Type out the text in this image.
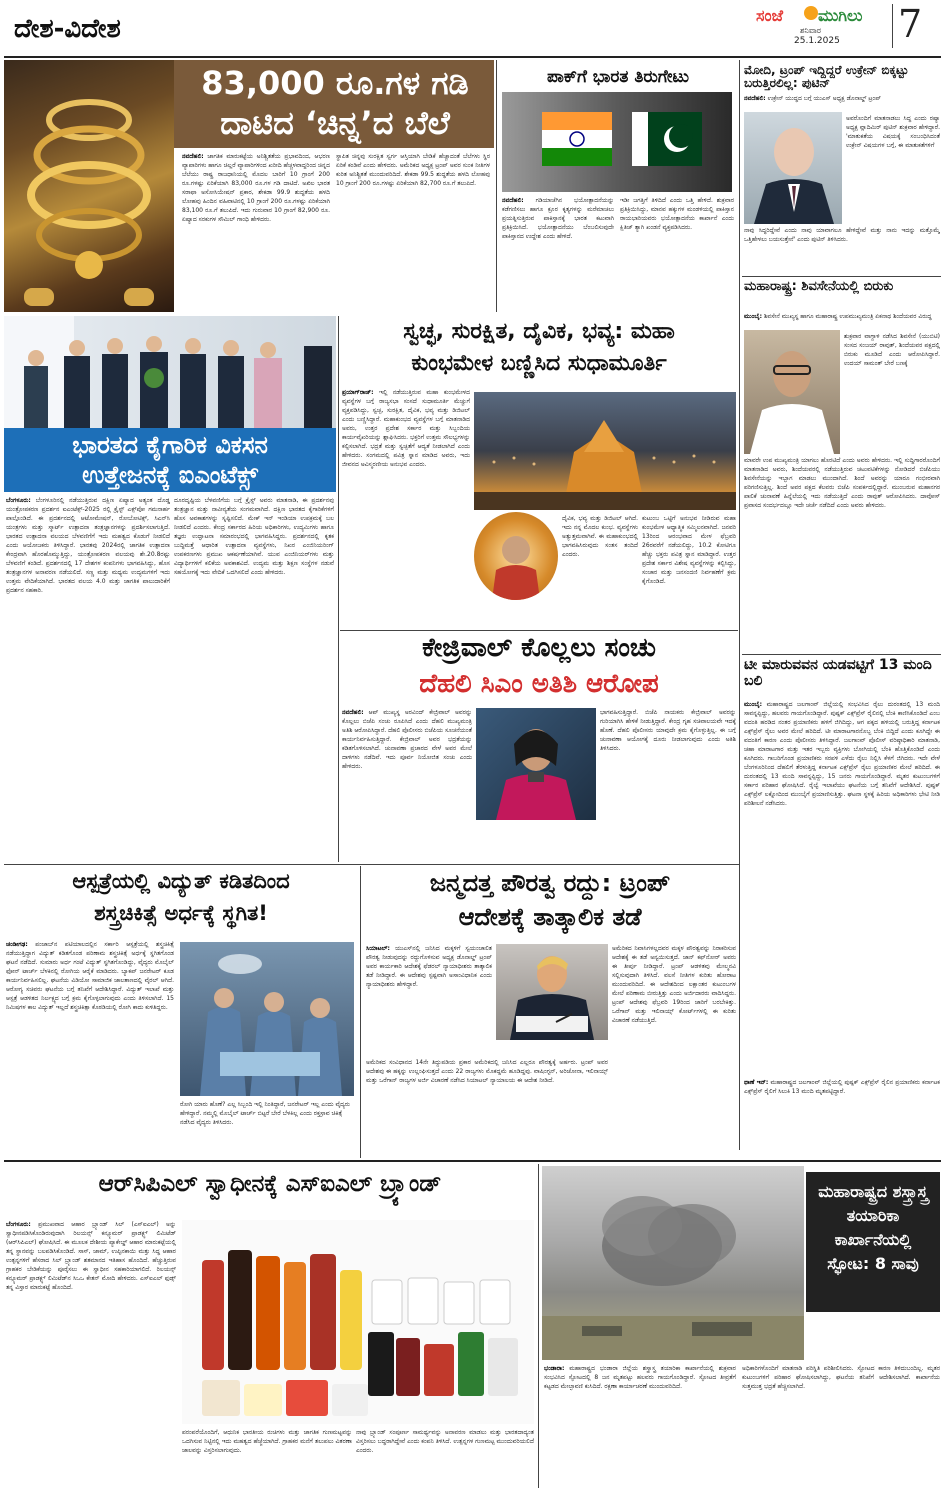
ದೇಶ-ವಿದೇಶ	ಸಂಜೆ ಮುಗಿಲು
ಶನಿವಾರ
25.1.2025 7
83,000 ರೂ.ಗಳ ಗಡಿ
ದಾಟಿದ ‘ಚಿನ್ನ’ದ ಬೆಲೆ
ನವದೆಹಲಿ: ಜಾಗತಿಕ ಮಾರುಕಟ್ಟೆಯ ಅನಿಶ್ಚಿತತೆಯ ಪ್ರಭಾವದಿಂದ, ಆಭರಣ ವ್ಯಾಪಾರಿಗಳು ಹಾಗೂ ಚಿಲ್ಲರೆ ವ್ಯಾಪಾರಿಗಳಿಂದ ಖರೀದಿ ಹೆಚ್ಚಳವಾದ್ದರಿಂದ ಚಿನ್ನದ ಬೆಲೆಯು ರಾಷ್ಟ್ರ ರಾಜಧಾನಿಯಲ್ಲಿ ಮೊದಲ ಬಾರಿಗೆ 10 ಗ್ರಾಂಗೆ 200 ರೂ.ಗಳಷ್ಟು ಏರಿಕೆಯಾಗಿ 83,000 ರೂ.ಗಳ ಗಡಿ ದಾಟಿದೆ. ಅಖಿಲ ಭಾರತ ಸರಾಫಾ ಅಸೋಸಿಯೇಷನ್ ಪ್ರಕಾರ, ಶೇಕಡಾ 99.9 ಶುದ್ಧತೆಯ ಹಳದಿ ಲೋಹವು ಹಿಂದಿನ ವಹಿವಾಟಿನಲ್ಲಿ 10 ಗ್ರಾಂಗೆ 200 ರೂ.ಗಳಷ್ಟು ಏರಿಕೆಯಾಗಿ 83,100 ರೂ.ಗೆ ತಲುಪಿದೆ. ಇದು ಗುರುವಾರ 10 ಗ್ರಾಂಗೆ 82,900 ರೂ. ಏಷ್ಯಾದ ಸರಕುಗಳ ಸೌಮಿಲ್ ಗಾಂಧಿ ಹೇಳಿದರು.
ಸ್ಥಾಪಿತ ಚಿನ್ನವು ಸುರಕ್ಷಿತ ಸ್ವರ್ಗ ಆಸ್ತಿಯಾಗಿ ಬೇಡಿಕೆ ಹೆಚ್ಚಾದಂತೆ ಬೆಲೆಗಳು ಸ್ಥಿರ ಏರಿಕೆ ಕಂಡಿವೆ ಎಂದು ಹೇಳಿದರು. ಅಮೆರಿಕದ ಅಧ್ಯಕ್ಷ ಟ್ರಂಪ್ ಅವರ ಸುಂಕ ನೀತಿಗಳ ಕುರಿತ ಅನಿಶ್ಚಿತತೆ ಮುಂದುವರಿದಿದೆ. ಶೇಕಡಾ 99.5 ಶುದ್ಧತೆಯ ಹಳದಿ ಲೋಹವು 10 ಗ್ರಾಂಗೆ 200 ರೂ.ಗಳಷ್ಟು ಏರಿಕೆಯಾಗಿ 82,700 ರೂ.ಗೆ ತಲುಪಿದೆ.
ಪಾಕ್‌ಗೆ ಭಾರತ ತಿರುಗೇಟು
ನವದೆಹಲಿ: ಗಡಿಯಾಚೆಗಿನ ಭಯೋತ್ಪಾದನೆಯನ್ನು ಕಡೆಗಣಿಸಲು ಹಾಗೂ ಕ್ರೂರ ಕೃತ್ಯಗಳನ್ನು ಮರೆಮಾಚಲು ಪ್ರಯತ್ನಿಸುತ್ತಿರುವ ಪಾಕಿಸ್ತಾನಕ್ಕೆ ಭಾರತ ಕಟುವಾಗಿ ಪ್ರತಿಕ್ರಿಯಿಸಿದೆ. ಭಯೋತ್ಪಾದನೆಯು ಬೆಂಬಲಿಸುವುದೇ ಪಾಕಿಸ್ತಾನದ ಉದ್ದೇಶ ಎಂದು ಹೇಳಿದೆ.
ಇಡೀ ಜಗತ್ತಿಗೆ ತಿಳಿದಿದೆ ಎಂದು ಒತ್ತಿ ಹೇಳಿದೆ. ಶುಕ್ರವಾರ ಪ್ರತಿಕ್ರಿಯಿಸಿದ್ದು, ಮಾನವ ಹಕ್ಕುಗಳ ಮಂಡಳಿಯಲ್ಲಿ ಪಾಕಿಸ್ತಾನ ರಾಯಭಾರಿಯವರು ಭಯೋತ್ಪಾದನೆಯ ಕಾರ್ಖಾನೆ ಎಂದು ಕ್ಷಿತಿಜ್ ತ್ಯಾಗಿ ಖಂಡನೆ ವ್ಯಕ್ತಪಡಿಸಿದರು.
ಮೋದಿ, ಟ್ರಂಪ್ ಇದ್ದಿದ್ದರೆ ಉಕ್ರೇನ್ ಬಿಕ್ಕಟ್ಟು ಬರುತ್ತಿರಲಿಲ್ಲ: ಪುಟಿನ್
ನವದೆಹಲಿ: ಉಕ್ರೇನ್ ಯುದ್ಧದ ಬಗ್ಗೆ ಯುಎಸ್ ಅಧ್ಯಕ್ಷ ಡೊನಾಲ್ಡ್ ಟ್ರಂಪ್
ಅವರೊಂದಿಗೆ ಮಾತನಾಡಲು ಸಿದ್ಧ ಎಂದು ರಷ್ಯಾ ಅಧ್ಯಕ್ಷ ವ್ಲಾದಿಮಿರ್ ಪುಟಿನ್ ಶುಕ್ರವಾರ ಹೇಳಿದ್ದಾರೆ. 'ಮಾತುಕತೆಯ ವಿಷಯಕ್ಕೆ ಸಂಬಂಧಿಸಿದಂತೆ ಉಕ್ರೇನ್ ವಿಷಯಗಳ ಬಗ್ಗೆ, ಈ ಮಾತುಕತೆಗಳಿಗೆ
ನಾವು ಸಿದ್ಧರಿದ್ದೇವೆ ಎಂದು ನಾವು ಯಾವಾಗಲೂ ಹೇಳಿದ್ದೇವೆ ಮತ್ತು ನಾನು ಇದನ್ನು ಮತ್ತೊಮ್ಮೆ ಒತ್ತಿಹೇಳಲು ಬಯಸುತ್ತೇನೆ' ಎಂದು ಪುಟಿನ್ ತಿಳಿಸಿದರು.
ಮಹಾರಾಷ್ಟ್ರ: ಶಿವಸೇನೆಯಲ್ಲಿ ಬಿರುಕು
ಮುಂಬೈ: ಶಿವಸೇನೆ ಮುಖ್ಯಸ್ಥ ಹಾಗೂ ಮಹಾರಾಷ್ಟ್ರ ಉಪಮುಖ್ಯಮಂತ್ರಿ ಏಕನಾಥ ಶಿಂದೆಯವರ ವಿರುದ್ಧ
ಶುಕ್ರವಾರ ವಾಗ್ದಾಳಿ ನಡೆಸಿದ ಶಿವಸೇನೆ (ಯುಬಿಟಿ) ಸಂಸದ ಸಂಜಯ್ ರಾವುತ್, ಶಿಂದೆಯವರ ಪಕ್ಷದಲ್ಲಿ ಬಿರುಕು ಮೂಡಿದೆ ಎಂದು ಆರೋಪಿಸಿದ್ದಾರೆ. ಉದಯ್ ಸಾಮಂತ್ ಬೇರೆ ಬಣಕ್ಕೆ
ಮಾವರೇ ಉಪ ಮುಖ್ಯಮಂತ್ರಿ ಯಾಗಲು ಹೊರಟಿದೆ ಎಂದು ಅವರು ಹೇಳಿದರು. ಇಲ್ಲಿ ಸುದ್ದಿಗಾರರೊಂದಿಗೆ ಮಾತನಾಡಿದ ಅವರು, ಶಿಂದೆಯವರಲ್ಲಿ ನಡೆಯುತ್ತಿರುವ ಚಟುವಟಿಕೆಗಳನ್ನು ನೋಡಿದರೆ ಬಿಜೆಪಿಯು ಶಿವಸೇನೆಯನ್ನು ಇಬ್ಭಾಗ ಮಾಡಲು ಮುಂದಾಗಿದೆ. ಶಿಂದೆ ಅವರನ್ನು ಯಾರೂ ಗಂಭೀರವಾಗಿ ಪರಿಗಣಿಸುತ್ತಿಲ್ಲ. ಶಿಂದೆ ಅವರ ಪಕ್ಷದ ಕೆಲವರು ಬಿಜೆಪಿ ಸಂಪರ್ಕದಲ್ಲಿದ್ದಾರೆ. ಮುಂಬರುವ ಮಹಾನಗರ ಪಾಲಿಕೆ ಚುನಾವಣೆ ಹಿನ್ನೆಲೆಯಲ್ಲಿ ಇದು ನಡೆಯುತ್ತಿದೆ ಎಂದು ರಾವುತ್ ಆರೋಪಿಸಿದರು. ದಾವೋಸ್ ಪ್ರವಾಸದ ಸಂದರ್ಭದಲ್ಲೂ ಇದೇ ಚರ್ಚೆ ನಡೆದಿದೆ ಎಂದು ಅವರು ಹೇಳಿದರು.
ಟೀ ಮಾರುವವನ ಯಡವಟ್ಟಿಗೆ 13 ಮಂದಿ ಬಲಿ
ಮುಂಬೈ: ಮಹಾರಾಷ್ಟ್ರದ ಜಲಗಾಂವ್ ಜಿಲ್ಲೆಯಲ್ಲಿ ಸಂಭವಿಸಿದ ರೈಲು ದುರಂತದಲ್ಲಿ 13 ಮಂದಿ ಸಾವನ್ನಪ್ಪಿದ್ದು, ಹಲವರು ಗಾಯಗೊಂಡಿದ್ದಾರೆ. ಪುಷ್ಪಕ್ ಎಕ್ಸ್‌ಪ್ರೆಸ್ ರೈಲಿನಲ್ಲಿ ಬೆಂಕಿ ಕಾಣಿಸಿಕೊಂಡಿದೆ ಎಂಬ ವದಂತಿ ಹರಡಿದ ನಂತರ ಪ್ರಯಾಣಿಕರು ಹಳಿಗೆ ಜಿಗಿದಿದ್ದು, ಆಗ ಪಕ್ಕದ ಹಳಿಯಲ್ಲಿ ಬರುತ್ತಿದ್ದ ಕರ್ನಾಟಕ ಎಕ್ಸ್‌ಪ್ರೆಸ್ ರೈಲು ಅವರ ಮೇಲೆ ಹರಿದಿದೆ. ಟೀ ಮಾರಾಟಗಾರನೊಬ್ಬ ಬೆಂಕಿ ಬಿದ್ದಿದೆ ಎಂದು ಕೂಗಿದ್ದೇ ಈ ವದಂತಿಗೆ ಕಾರಣ ಎಂದು ಪೊಲೀಸರು ತಿಳಿಸಿದ್ದಾರೆ. ಜಲಗಾಂವ್ ಪೊಲೀಸ್ ವರಿಷ್ಠಾಧಿಕಾರಿ ಮಾತನಾಡಿ, ಚಹಾ ಮಾರಾಟಗಾರ ಮತ್ತು ಇತರ ಇಬ್ಬರು ವ್ಯಕ್ತಿಗಳು ಬೋಗಿಯಲ್ಲಿ ಬೆಂಕಿ ಹೊತ್ತಿಕೊಂಡಿದೆ ಎಂದು ಕೂಗಿದರು. ಗಾಬರಿಗೊಂಡ ಪ್ರಯಾಣಿಕರು ಸರಪಳಿ ಎಳೆದು ರೈಲು ನಿಲ್ಲಿಸಿ ಕೆಳಗೆ ಜಿಗಿದರು. ಇದೇ ವೇಳೆ ಬೆಂಗಳೂರಿನಿಂದ ದೆಹಲಿಗೆ ತೆರಳುತ್ತಿದ್ದ ಕರ್ನಾಟಕ ಎಕ್ಸ್‌ಪ್ರೆಸ್ ರೈಲು ಪ್ರಯಾಣಿಕರ ಮೇಲೆ ಹರಿದಿದೆ. ಈ ದುರಂತದಲ್ಲಿ 13 ಮಂದಿ ಸಾವನ್ನಪ್ಪಿದ್ದು, 15 ಜನರು ಗಾಯಗೊಂಡಿದ್ದಾರೆ. ಮೃತರ ಕುಟುಂಬಗಳಿಗೆ ಸರ್ಕಾರ ಪರಿಹಾರ ಘೋಷಿಸಿದೆ. ರೈಲ್ವೆ ಇಲಾಖೆಯು ಘಟನೆಯ ಬಗ್ಗೆ ತನಿಖೆಗೆ ಆದೇಶಿಸಿದೆ. ಪುಷ್ಪಕ್ ಎಕ್ಸ್‌ಪ್ರೆಸ್ ಲಕ್ನೋದಿಂದ ಮುಂಬೈಗೆ ಪ್ರಯಾಣಿಸುತ್ತಿತ್ತು. ಘಟನಾ ಸ್ಥಳಕ್ಕೆ ಹಿರಿಯ ಅಧಿಕಾರಿಗಳು ಭೇಟಿ ನೀಡಿ ಪರಿಶೀಲನೆ ನಡೆಸಿದರು.
ಥಾಣೆ ಇನ್‌: ಮಹಾರಾಷ್ಟ್ರದ ಜಲಗಾಂವ್ ಜಿಲ್ಲೆಯಲ್ಲಿ ಪುಷ್ಪಕ್ ಎಕ್ಸ್‌ಪ್ರೆಸ್ ರೈಲಿನ ಪ್ರಯಾಣಿಕರು ಕರ್ನಾಟಕ ಎಕ್ಸ್‌ಪ್ರೆಸ್ ರೈಲಿಗೆ ಸಿಲುಕಿ 13 ಮಂದಿ ಮೃತಪಟ್ಟಿದ್ದಾರೆ.
ಭಾರತದ ಕೈಗಾರಿಕ ವಿಕಸನ
ಉತ್ತೇಜನಕ್ಕೆ ಐಎಂಟೆಕ್ಸ್
ಬೆಂಗಳೂರು: ಬೆಂಗಳೂರಿನಲ್ಲಿ ನಡೆಯುತ್ತಿರುವ ದಕ್ಷಿಣ ಏಷ್ಯಾದ ಅತ್ಯಂತ ದೊಡ್ಡ ಯಂತ್ರೋಪಕರಣ ಪ್ರದರ್ಶನ ಐಎಂಟೆಕ್ಸ್-2025 ರಲ್ಲಿ ಕ್ರೈಸ್ಟ್ ಎಕ್ಸ್‌ಪೋ ಗಮನಾರ್ಹ ಪಾಲ್ಗೊಂಡಿದೆ. ಈ ಪ್ರದರ್ಶನದಲ್ಲಿ ಆಟೋಮೇಷನ್, ರೋಬೋಟಿಕ್ಸ್, ಸಿಎನ್‌ಸಿ ಯಂತ್ರಗಳು ಮತ್ತು ಸ್ಮಾರ್ಟ್ ಉತ್ಪಾದನಾ ತಂತ್ರಜ್ಞಾನಗಳನ್ನು ಪ್ರದರ್ಶಿಸಲಾಗುತ್ತಿದೆ. ಭಾರತದ ಉತ್ಪಾದನಾ ವಲಯದ ಬೆಳವಣಿಗೆಗೆ ಇದು ಮಹತ್ವದ ಕೊಡುಗೆ ನೀಡಲಿದೆ ಎಂದು ಆಯೋಜಕರು ತಿಳಿಸಿದ್ದಾರೆ. ಭಾರತವು 2024ರಲ್ಲಿ ಜಾಗತಿಕ ಉತ್ಪಾದನಾ ಕೇಂದ್ರವಾಗಿ ಹೊರಹೊಮ್ಮುತ್ತಿದ್ದು, ಯಂತ್ರೋಪಕರಣ ವಲಯವು ಶೇ.20.8ರಷ್ಟು ಬೆಳವಣಿಗೆ ಕಂಡಿದೆ. ಪ್ರದರ್ಶನದಲ್ಲಿ 17 ದೇಶಗಳ ಕಂಪನಿಗಳು ಭಾಗವಹಿಸಿದ್ದು, ಹೊಸ ತಂತ್ರಜ್ಞಾನಗಳ ಅನಾವರಣ ನಡೆಯಲಿದೆ. ಸಣ್ಣ ಮತ್ತು ಮಧ್ಯಮ ಉದ್ಯಮಗಳಿಗೆ ಇದು ಉತ್ತಮ ವೇದಿಕೆಯಾಗಿದೆ. ಭಾರತದ ವಲಯ 4.0 ಮತ್ತು ಜಾಗತಿಕ ಪಾಲುದಾರಿಕೆಗೆ ಪ್ರದರ್ಶನ ಸಹಕಾರಿ.
ದೂರದೃಷ್ಟಿಯ ಬೆಳವಣಿಗೆಯ ಬಗ್ಗೆ ಕ್ರೈಸ್ಟ್ ಅವರು ಮಾತನಾಡಿ, ಈ ಪ್ರದರ್ಶನವು ತಂತ್ರಜ್ಞಾನ ಮತ್ತು ನಾವೀನ್ಯತೆಯ ಸಂಗಮವಾಗಿದೆ. ದಕ್ಷಿಣ ಭಾರತದ ಕೈಗಾರಿಕೆಗಳಿಗೆ ಹೊಸ ಅವಕಾಶಗಳನ್ನು ಸೃಷ್ಟಿಸಲಿದೆ. ಮೇಕ್ ಇನ್ ಇಂಡಿಯಾ ಉಪಕ್ರಮಕ್ಕೆ ಬಲ ನೀಡಲಿದೆ ಎಂದರು. ಕೇಂದ್ರ ಸರ್ಕಾರದ ಹಿರಿಯ ಅಧಿಕಾರಿಗಳು, ಉದ್ಯಮಿಗಳು ಹಾಗೂ ತಜ್ಞರು ಉದ್ಘಾಟನಾ ಸಮಾರಂಭದಲ್ಲಿ ಭಾಗವಹಿಸಿದ್ದರು. ಪ್ರದರ್ಶನದಲ್ಲಿ ಕೃತಕ ಬುದ್ಧಿಮತ್ತೆ ಆಧಾರಿತ ಉತ್ಪಾದನಾ ವ್ಯವಸ್ಥೆಗಳು, ನಿಖರ ಎಂಜಿನಿಯರಿಂಗ್ ಉಪಕರಣಗಳು ಪ್ರಮುಖ ಆಕರ್ಷಣೆಯಾಗಿವೆ. ಯುವ ಎಂಜಿನಿಯರ್‌ಗಳು ಮತ್ತು ವಿದ್ಯಾರ್ಥಿಗಳಿಗೆ ಕಲಿಕೆಯ ಅವಕಾಶವಿದೆ. ಉದ್ಯಮ ಮತ್ತು ಶಿಕ್ಷಣ ಸಂಸ್ಥೆಗಳ ನಡುವೆ ಸಹಯೋಗಕ್ಕೆ ಇದು ವೇದಿಕೆ ಒದಗಿಸಲಿದೆ ಎಂದು ಹೇಳಿದರು.
ಸ್ವಚ್ಛ, ಸುರಕ್ಷಿತ, ದೈವಿಕ, ಭವ್ಯ: ಮಹಾ
ಕುಂಭಮೇಳ ಬಣ್ಣಿಸಿದ ಸುಧಾಮೂರ್ತಿ
ಪ್ರಯಾಗ್‌ರಾಜ್: ಇಲ್ಲಿ ನಡೆಯುತ್ತಿರುವ ಮಹಾ ಕುಂಭಮೇಳದ ವ್ಯವಸ್ಥೆಗಳ ಬಗ್ಗೆ ರಾಜ್ಯಸಭಾ ಸಂಸದೆ ಸುಧಾಮೂರ್ತಿ ಮೆಚ್ಚುಗೆ ವ್ಯಕ್ತಪಡಿಸಿದ್ದು, ಸ್ವಚ್ಛ, ಸುರಕ್ಷಿತ, ದೈವಿಕ, ಭವ್ಯ ಮತ್ತು ಡಿಜಿಟಲ್ ಎಂದು ಬಣ್ಣಿಸಿದ್ದಾರೆ. ಮಹಾಕುಂಭದ ವ್ಯವಸ್ಥೆಗಳ ಬಗ್ಗೆ ಮಾತನಾಡಿದ ಅವರು, ಉತ್ತರ ಪ್ರದೇಶ ಸರ್ಕಾರ ಮತ್ತು ಸಿಬ್ಬಂದಿಯ ಕಾರ್ಯವೈಖರಿಯನ್ನು ಶ್ಲಾಘಿಸಿದರು. ಭಕ್ತರಿಗೆ ಉತ್ತಮ ಸೌಲಭ್ಯಗಳನ್ನು ಕಲ್ಪಿಸಲಾಗಿದೆ. ಭದ್ರತೆ ಮತ್ತು ಸ್ವಚ್ಛತೆಗೆ ಆದ್ಯತೆ ನೀಡಲಾಗಿದೆ ಎಂದು ಹೇಳಿದರು. ಸಂಗಮದಲ್ಲಿ ಪವಿತ್ರ ಸ್ನಾನ ಮಾಡಿದ ಅವರು, ಇದು ಜೀವನದ ಅವಿಸ್ಮರಣೀಯ ಅನುಭವ ಎಂದರು.
ದೈವಿಕ, ಭವ್ಯ ಮತ್ತು ಡಿಜಿಟಲ್ ಆಗಿದೆ. ಇದು ನನ್ನ ಮೊದಲ ಕುಂಭ. ವ್ಯವಸ್ಥೆಗಳು ಅತ್ಯುತ್ತಮವಾಗಿವೆ. ಈ ಮಹಾಕುಂಭದಲ್ಲಿ ಭಾಗವಹಿಸಿರುವುದು ಸಂತಸ ತಂದಿದೆ ಎಂದರು.
ಕುಟುಂಬ ಒಟ್ಟಿಗೆ ಅನುಭವ ನೀಡಿರುವ ಮಹಾ ಕುಂಭಮೇಳ ಆಧ್ಯಾತ್ಮಿಕ ಸಮ್ಮಿಲನವಾಗಿದೆ. ಜನವರಿ 13ರಿಂದ ಆರಂಭವಾದ ಮೇಳ ಫೆಬ್ರವರಿ 26ರವರೆಗೆ ನಡೆಯಲಿದ್ದು, 10.2 ಕೋಟಿಗೂ ಹೆಚ್ಚು ಭಕ್ತರು ಪವಿತ್ರ ಸ್ನಾನ ಮಾಡಿದ್ದಾರೆ. ಉತ್ತರ ಪ್ರದೇಶ ಸರ್ಕಾರ ವಿಶೇಷ ವ್ಯವಸ್ಥೆಗಳನ್ನು ಕಲ್ಪಿಸಿದ್ದು, ಸಂಚಾರ ಮತ್ತು ಜನಸಂದಣಿ ನಿರ್ವಹಣೆಗೆ ಕ್ರಮ ಕೈಗೊಂಡಿದೆ.
ಕೇಜ್ರಿವಾಲ್ ಕೊಲ್ಲಲು ಸಂಚು
ದೆಹಲಿ ಸಿಎಂ ಅತಿಶಿ ಆರೋಪ
ನವದೆಹಲಿ: ಆಪ್ ಮುಖ್ಯಸ್ಥ ಅರವಿಂದ್ ಕೇಜ್ರಿವಾಲ್ ಅವರನ್ನು ಕೊಲ್ಲಲು ಬಿಜೆಪಿ ಸಂಚು ರೂಪಿಸಿದೆ ಎಂದು ದೆಹಲಿ ಮುಖ್ಯಮಂತ್ರಿ ಅತಿಶಿ ಆರೋಪಿಸಿದ್ದಾರೆ. ದೆಹಲಿ ಪೊಲೀಸರು ಬಿಜೆಪಿಯ ಸೂಚನೆಯಂತೆ ಕಾರ್ಯನಿರ್ವಹಿಸುತ್ತಿದ್ದಾರೆ. ಕೇಜ್ರಿವಾಲ್ ಅವರ ಭದ್ರತೆಯನ್ನು ಕಡಿತಗೊಳಿಸಲಾಗಿದೆ. ಚುನಾವಣಾ ಪ್ರಚಾರದ ವೇಳೆ ಅವರ ಮೇಲೆ ದಾಳಿಗಳು ನಡೆದಿವೆ. ಇದು ಪೂರ್ವ ನಿಯೋಜಿತ ಸಂಚು ಎಂದು ಹೇಳಿದರು.
ಭಾಗವಹಿಸುತ್ತಿದ್ದಾರೆ. ಬಿಜೆಪಿ ನಾಯಕರು ಕೇಜ್ರಿವಾಲ್ ಅವರನ್ನು ಗುರಿಯಾಗಿಸಿ ಹೇಳಿಕೆ ನೀಡುತ್ತಿದ್ದಾರೆ. ಕೇಂದ್ರ ಗೃಹ ಸಚಿವಾಲಯವೇ ಇದಕ್ಕೆ ಹೊಣೆ. ದೆಹಲಿ ಪೊಲೀಸರು ಯಾವುದೇ ಕ್ರಮ ಕೈಗೊಳ್ಳುತ್ತಿಲ್ಲ. ಈ ಬಗ್ಗೆ ಚುನಾವಣಾ ಆಯೋಗಕ್ಕೆ ದೂರು ನೀಡಲಾಗುವುದು ಎಂದು ಅತಿಶಿ ತಿಳಿಸಿದರು.
ಆಸ್ಪತ್ರೆಯಲ್ಲಿ ವಿದ್ಯುತ್ ಕಡಿತದಿಂದ
ಶಸ್ತ್ರಚಿಕಿತ್ಸೆ ಅರ್ಧಕ್ಕೆ ಸ್ಥಗಿತ!
ಚಂಡೀಗಢ: ಪಂಜಾಬ್‌ನ ಪಟಿಯಾಲದಲ್ಲಿನ ಸರ್ಕಾರಿ ಆಸ್ಪತ್ರೆಯಲ್ಲಿ ಶಸ್ತ್ರಚಿಕಿತ್ಸೆ ನಡೆಯುತ್ತಿದ್ದಾಗ ವಿದ್ಯುತ್ ಕಡಿತಗೊಂಡ ಪರಿಣಾಮ ಶಸ್ತ್ರಚಿಕಿತ್ಸೆ ಅರ್ಧಕ್ಕೆ ಸ್ಥಗಿತಗೊಂಡ ಘಟನೆ ನಡೆದಿದೆ. ಸುಮಾರು ಅರ್ಧ ಗಂಟೆ ವಿದ್ಯುತ್ ಸ್ಥಗಿತಗೊಂಡಿದ್ದು, ವೈದ್ಯರು ಮೊಬೈಲ್ ಫೋನ್ ಟಾರ್ಚ್ ಬೆಳಕಿನಲ್ಲಿ ರೋಗಿಯ ಆರೈಕೆ ಮಾಡಿದರು. ಬ್ಯಾಕಪ್ ಜನರೇಟರ್ ಕೂಡ ಕಾರ್ಯನಿರ್ವಹಿಸಲಿಲ್ಲ. ಘಟನೆಯ ವಿಡಿಯೋ ಸಾಮಾಜಿಕ ಜಾಲತಾಣದಲ್ಲಿ ವೈರಲ್ ಆಗಿದೆ. ಆರೋಗ್ಯ ಸಚಿವರು ಘಟನೆಯ ಬಗ್ಗೆ ತನಿಖೆಗೆ ಆದೇಶಿಸಿದ್ದಾರೆ. ವಿದ್ಯುತ್ ಇಲಾಖೆ ಮತ್ತು ಆಸ್ಪತ್ರೆ ಆಡಳಿತದ ನಿರ್ಲಕ್ಷ್ಯದ ಬಗ್ಗೆ ಕ್ರಮ ಕೈಗೊಳ್ಳಲಾಗುವುದು ಎಂದು ತಿಳಿಸಲಾಗಿದೆ. 15 ನಿಮಿಷಗಳ ಕಾಲ ವಿದ್ಯುತ್ ಇಲ್ಲದೆ ಶಸ್ತ್ರಚಿಕಿತ್ಸಾ ಕೊಠಡಿಯಲ್ಲಿ ರೋಗಿ ಕಾದು ಕುಳಿತಿದ್ದರು.
ರೋಗಿ ಯಾರು ಹೊಣೆ? ಎಲ್ಲ ಸಿಬ್ಬಂದಿ ಇಲ್ಲಿ ನಿಂತಿದ್ದಾರೆ, ಜನರೇಟರ್ ಇಲ್ಲ ಎಂದು ವೈದ್ಯರು ಹೇಳಿದ್ದಾರೆ. ನಮ್ಮಲ್ಲಿ ಮೊಬೈಲ್ ಟಾರ್ಚ್ ಬಿಟ್ಟರೆ ಬೇರೆ ಬೆಳಕಿಲ್ಲ ಎಂದು ರಕ್ತಸ್ರಾವ ಚಿಕಿತ್ಸೆ ನಡೆಸಿದ ವೈದ್ಯರು ತಿಳಿಸಿದರು.
ಜನ್ಮದತ್ತ ಪೌರತ್ವ ರದ್ದು: ಟ್ರಂಪ್
ಆದೇಶಕ್ಕೆ ತಾತ್ಕಾಲಿಕ ತಡೆ
ಸಿಯಾಟಲ್: ಯುಎಸ್‌ನಲ್ಲಿ ಜನಿಸಿದ ಮಕ್ಕಳಿಗೆ ಸ್ವಯಂಚಾಲಿತ ಪೌರತ್ವ ನೀಡುವುದನ್ನು ರದ್ದುಗೊಳಿಸುವ ಅಧ್ಯಕ್ಷ ಡೊನಾಲ್ಡ್ ಟ್ರಂಪ್ ಅವರ ಕಾರ್ಯಕಾರಿ ಆದೇಶಕ್ಕೆ ಫೆಡರಲ್ ನ್ಯಾಯಾಧೀಶರು ತಾತ್ಕಾಲಿಕ ತಡೆ ನೀಡಿದ್ದಾರೆ. ಈ ಆದೇಶವು ಸ್ಪಷ್ಟವಾಗಿ ಅಸಾಂವಿಧಾನಿಕ ಎಂದು ನ್ಯಾಯಾಧೀಶರು ಹೇಳಿದ್ದಾರೆ.
ಅಮೆರಿಕದ ನಿವಾಸಿಗಳಲ್ಲದವರ ಮಕ್ಕಳ ಪೌರತ್ವವನ್ನು ನಿರಾಕರಿಸುವ ಆದೇಶಕ್ಕೆ ಈ ತಡೆ ಅನ್ವಯಿಸುತ್ತದೆ. ಜಾನ್ ಕಫ್‌ನೋರ್ ಅವರು ಈ ತೀರ್ಪು ನೀಡಿದ್ದಾರೆ. ಟ್ರಂಪ್ ಆಡಳಿತವು ಮೇಲ್ಮನವಿ ಸಲ್ಲಿಸುವುದಾಗಿ ತಿಳಿಸಿದೆ. ವಲಸೆ ನೀತಿಗಳ ಕುರಿತು ಹೋರಾಟ ಮುಂದುವರಿದಿದೆ. ಈ ಆದೇಶದಿಂದ ಲಕ್ಷಾಂತರ ಕುಟುಂಬಗಳ ಮೇಲೆ ಪರಿಣಾಮ ಬೀರುತ್ತಿತ್ತು ಎಂದು ಅರ್ಜಿದಾರರು ವಾದಿಸಿದ್ದರು. ಟ್ರಂಪ್ ಆದೇಶವು ಫೆಬ್ರವರಿ 19ರಿಂದ ಜಾರಿಗೆ ಬರಬೇಕಿತ್ತು. ಒರೆಗಾನ್ ಮತ್ತು ಇಲಿನಾಯ್ಸ್ ಕೋರ್ಟ್‌ಗಳಲ್ಲಿ ಈ ಕುರಿತು ವಿಚಾರಣೆ ನಡೆಯುತ್ತಿದೆ.
ಅಮೆರಿಕದ ಸಂವಿಧಾನದ 14ನೇ ತಿದ್ದುಪಡಿಯ ಪ್ರಕಾರ ಅಮೆರಿಕದಲ್ಲಿ ಜನಿಸಿದ ಎಲ್ಲರೂ ಪೌರತ್ವಕ್ಕೆ ಅರ್ಹರು. ಟ್ರಂಪ್ ಅವರ ಆದೇಶವು ಈ ಹಕ್ಕನ್ನು ಉಲ್ಲಂಘಿಸುತ್ತದೆ ಎಂದು 22 ರಾಜ್ಯಗಳು ಮೊಕದ್ದಮೆ ಹೂಡಿದ್ದವು. ವಾಷಿಂಗ್ಟನ್, ಅರಿಜೋನಾ, ಇಲಿನಾಯ್ಸ್ ಮತ್ತು ಒರೆಗಾನ್ ರಾಜ್ಯಗಳ ಅರ್ಜಿ ವಿಚಾರಣೆ ನಡೆಸಿದ ಸಿಯಾಟಲ್ ನ್ಯಾಯಾಲಯ ಈ ಆದೇಶ ನೀಡಿದೆ.
ಆರ್‌ಸಿಪಿಎಲ್ ಸ್ವಾಧೀನಕ್ಕೆ ಎಸ್‌ಐಎಲ್ ಬ್ರ್ಯಾಂಡ್
ಬೆಂಗಳೂರು: ಪ್ರಮುಖವಾದ ಆಹಾರ ಬ್ರ್ಯಾಂಡ್ ಸಿಲ್ (ಎಸ್‌ಐಎಲ್) ಅನ್ನು ಸ್ವಾಧೀನಪಡಿಸಿಕೊಂಡಿರುವುದಾಗಿ ರಿಲಯನ್ಸ್ ಕನ್ಸ್ಯೂಮರ್ ಪ್ರಾಡಕ್ಟ್ಸ್ ಲಿಮಿಟೆಡ್ (ಆರ್‌ಸಿಪಿಎಲ್) ಘೋಷಿಸಿದೆ. ಈ ಮೂಲಕ ದೇಶೀಯ ಪ್ಯಾಕೇಜ್ಡ್ ಆಹಾರ ಮಾರುಕಟ್ಟೆಯಲ್ಲಿ ತನ್ನ ಸ್ಥಾನವನ್ನು ಬಲಪಡಿಸಿಕೊಂಡಿದೆ. ಸಾಸ್, ಜಾಮ್, ಉಪ್ಪಿನಕಾಯಿ ಮತ್ತು ಸಿದ್ಧ ಆಹಾರ ಉತ್ಪನ್ನಗಳಿಗೆ ಹೆಸರಾದ ಸಿಲ್ ಬ್ರ್ಯಾಂಡ್ ಶತಮಾನದ ಇತಿಹಾಸ ಹೊಂದಿದೆ. ಹೆಚ್ಚುತ್ತಿರುವ ಗ್ರಾಹಕರ ಬೇಡಿಕೆಯನ್ನು ಪೂರೈಸಲು ಈ ಸ್ವಾಧೀನ ಸಹಕಾರಿಯಾಗಲಿದೆ. ರಿಲಯನ್ಸ್ ಕನ್ಸ್ಯೂಮರ್ ಪ್ರಾಡಕ್ಟ್ಸ್ ಲಿಮಿಟೆಡ್‌ನ ಸಿಒಒ ಕೇತನ್ ಮೋದಿ ಹೇಳಿದರು. ಎಸ್‌ಐಎಲ್ ಫುಡ್ಸ್ ತನ್ನ ವಿಸ್ತಾರ ಮಾರುಕಟ್ಟೆ ಹೊಂದಿದೆ.
ಪರಂಪರೆಯೊಂದಿಗೆ, ಆಧುನಿಕ ಭಾರತೀಯ ರುಚಿಗಳು ಮತ್ತು ಜಾಗತಿಕ ಗುಣಮಟ್ಟವನ್ನು ಒದಗಿಸುವ ನಿಟ್ಟಿನಲ್ಲಿ ಇದು ಮಹತ್ವದ ಹೆಜ್ಜೆಯಾಗಿದೆ. ಗ್ರಾಹಕರ ಮನೆಗೆ ತಲುಪಲು ವಿತರಣಾ ಜಾಲವನ್ನು ವಿಸ್ತರಿಸಲಾಗುವುದು.
ನಾವು ಬ್ರ್ಯಾಂಡ್ ಸಂಪೂರ್ಣ ಸಾಮರ್ಥ್ಯವನ್ನು ಅನಾವರಣ ಮಾಡಲು ಮತ್ತು ಭಾರತದಾದ್ಯಂತ ವಿಸ್ತರಿಸಲು ಬದ್ಧರಾಗಿದ್ದೇವೆ ಎಂದು ಕಂಪನಿ ತಿಳಿಸಿದೆ. ಉತ್ಪನ್ನಗಳ ಗುಣಮಟ್ಟ ಮುಂದುವರಿಯಲಿದೆ ಎಂದರು.
ಮಹಾರಾಷ್ಟ್ರದ ಶಸ್ತ್ರಾಸ್ತ್ರ ತಯಾರಿಕಾ ಕಾರ್ಖಾನೆಯಲ್ಲಿ ಸ್ಫೋಟ: 8 ಸಾವು
ಭಂಡಾರಾ: ಮಹಾರಾಷ್ಟ್ರದ ಭಂಡಾರಾ ಜಿಲ್ಲೆಯ ಶಸ್ತ್ರಾಸ್ತ್ರ ತಯಾರಿಕಾ ಕಾರ್ಖಾನೆಯಲ್ಲಿ ಶುಕ್ರವಾರ ಸಂಭವಿಸಿದ ಸ್ಫೋಟದಲ್ಲಿ 8 ಜನ ಮೃತಪಟ್ಟು ಹಲವರು ಗಾಯಗೊಂಡಿದ್ದಾರೆ. ಸ್ಫೋಟದ ತೀವ್ರತೆಗೆ ಕಟ್ಟಡದ ಮೇಲ್ಛಾವಣಿ ಕುಸಿದಿದೆ. ರಕ್ಷಣಾ ಕಾರ್ಯಾಚರಣೆ ಮುಂದುವರಿದಿದೆ.
ಅಧಿಕಾರಿಗಳೊಂದಿಗೆ ಮಾತನಾಡಿ ಪರಿಸ್ಥಿತಿ ಪರಿಶೀಲಿಸಿದರು. ಸ್ಫೋಟದ ಕಾರಣ ತಿಳಿದುಬಂದಿಲ್ಲ. ಮೃತರ ಕುಟುಂಬಗಳಿಗೆ ಪರಿಹಾರ ಘೋಷಿಸಲಾಗಿದ್ದು, ಘಟನೆಯ ತನಿಖೆಗೆ ಆದೇಶಿಸಲಾಗಿದೆ. ಕಾರ್ಖಾನೆಯ ಸುತ್ತಮುತ್ತ ಭದ್ರತೆ ಹೆಚ್ಚಿಸಲಾಗಿದೆ.
